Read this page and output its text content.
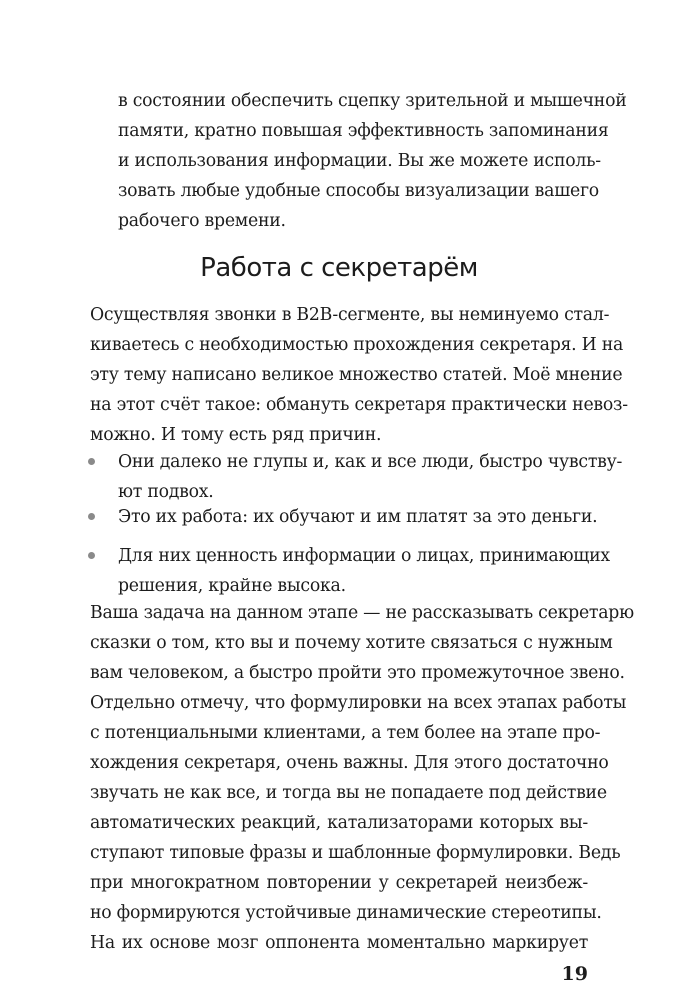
в состоянии обеспечить сцепку зрительной и мышечной
памяти, кратно повышая эффективность запоминания
и использования информации. Вы же можете исполь-
зовать любые удобные способы визуализации вашего
рабочего времени.
Работа с секретарём
Осуществляя звонки в B2B-сегменте, вы неминуемо стал-
киваетесь с необходимостью прохождения секретаря. И на
эту тему написано великое множество статей. Моё мнение
на этот счёт такое: обмануть секретаря практически невоз-
можно. И тому есть ряд причин.
Они далеко не глупы и, как и все люди, быстро чувству-
ют подвох.
Это их работа: их обучают и им платят за это деньги.
Для них ценность информации о лицах, принимающих
решения, крайне высока.
Ваша задача на данном этапе — не рассказывать секретарю
сказки о том, кто вы и почему хотите связаться с нужным
вам человеком, а быстро пройти это промежуточное звено.
Отдельно отмечу, что формулировки на всех этапах работы
с потенциальными клиентами, а тем более на этапе про-
хождения секретаря, очень важны. Для этого достаточно
звучать не как все, и тогда вы не попадаете под действие
автоматических реакций, катализаторами которых вы-
ступают типовые фразы и шаблонные формулировки. Ведь
при многократном повторении у секретарей неизбеж-
но формируются устойчивые динамические стереотипы.
На их основе мозг оппонента моментально маркирует
19
